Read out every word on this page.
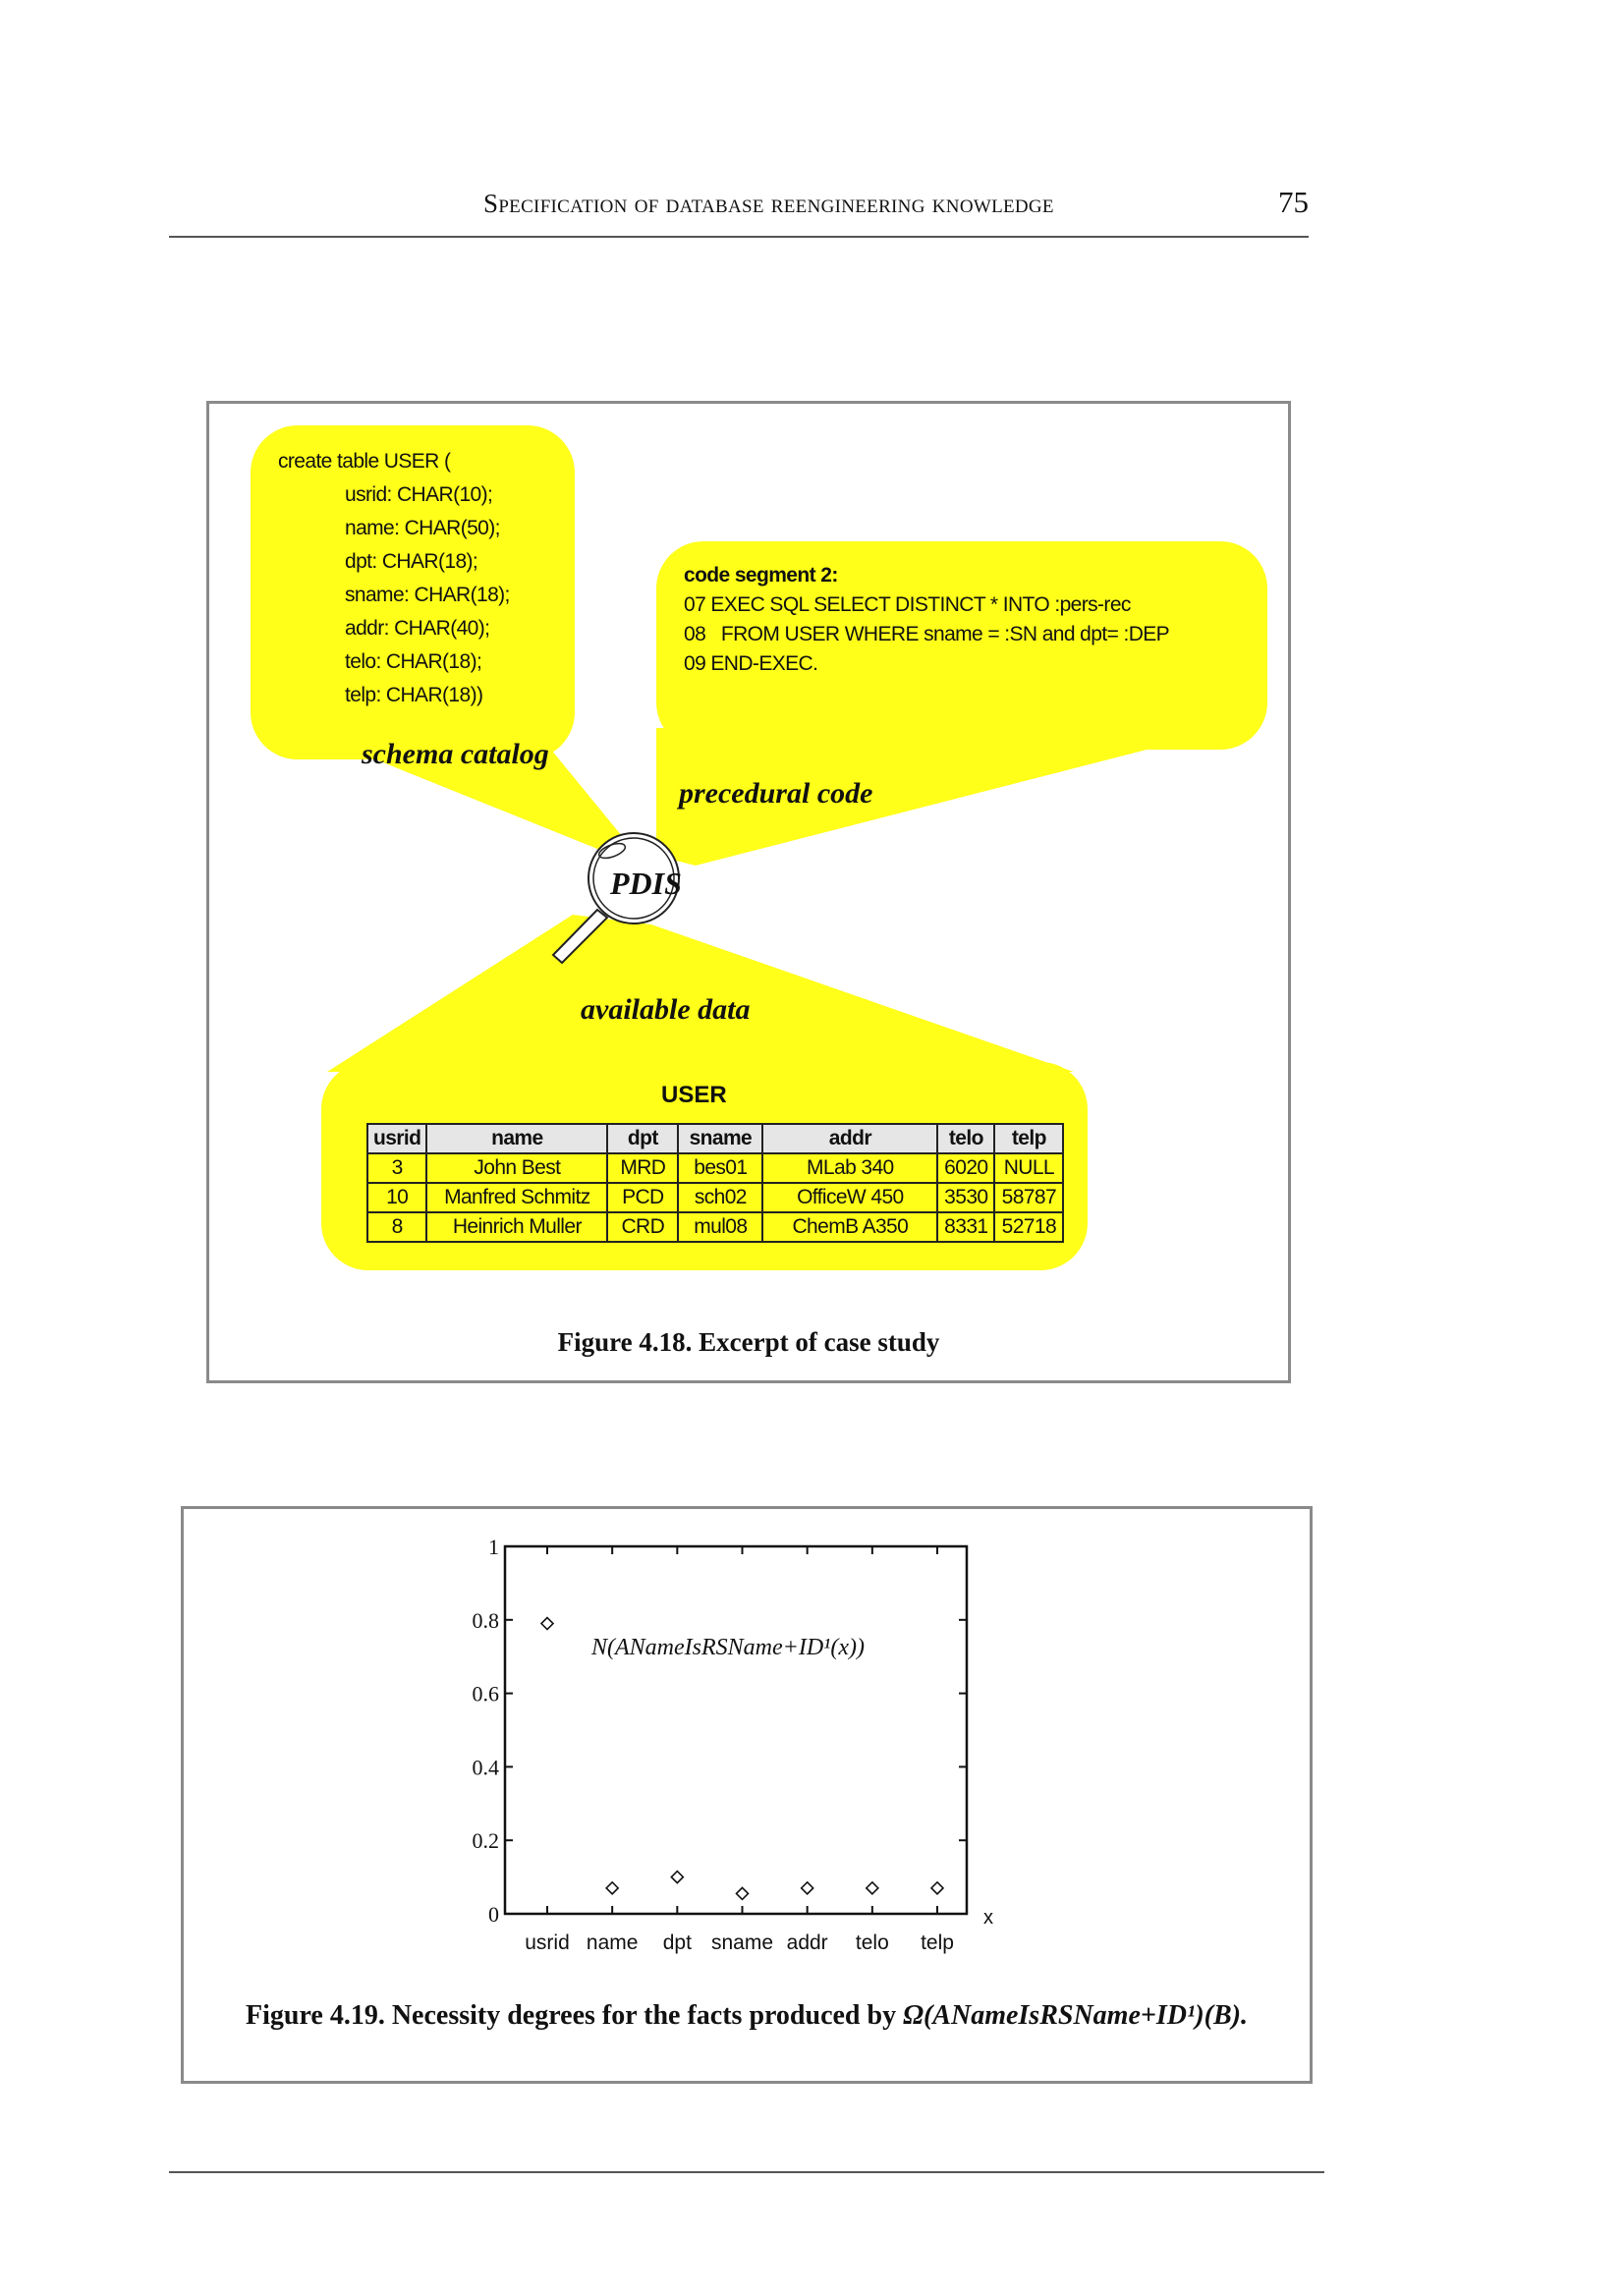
Specification of database reengineering knowledge	75
create table USER (
usrid: CHAR(10);
name: CHAR(50);
dpt: CHAR(18);
sname: CHAR(18);
addr: CHAR(40);
telo: CHAR(18);
telp: CHAR(18))
code segment 2:
07 EXEC SQL SELECT DISTINCT * INTO :pers-rec
08   FROM USER WHERE sname = :SN and dpt= :DEP
09 END-EXEC.
schema catalog
precedural code
available data
PDIS
USER
usrid	name	dpt	sname	addr	telo	telp
3	John Best	MRD	bes01	MLab 340	6020	NULL
10	Manfred Schmitz	PCD	sch02	OfficeW 450	3530	58787
8	Heinrich Muller	CRD	mul08	ChemB A350	8331	52718
Figure 4.18. Excerpt of case study
0
0.2
0.4
0.6
0.8
1
usrid name dpt sname addr telo telp
N(ANameIsRSName+ID¹(x))
x
Figure 4.19. Necessity degrees for the facts produced by Ω(ANameIsRSName+ID¹)(B).
